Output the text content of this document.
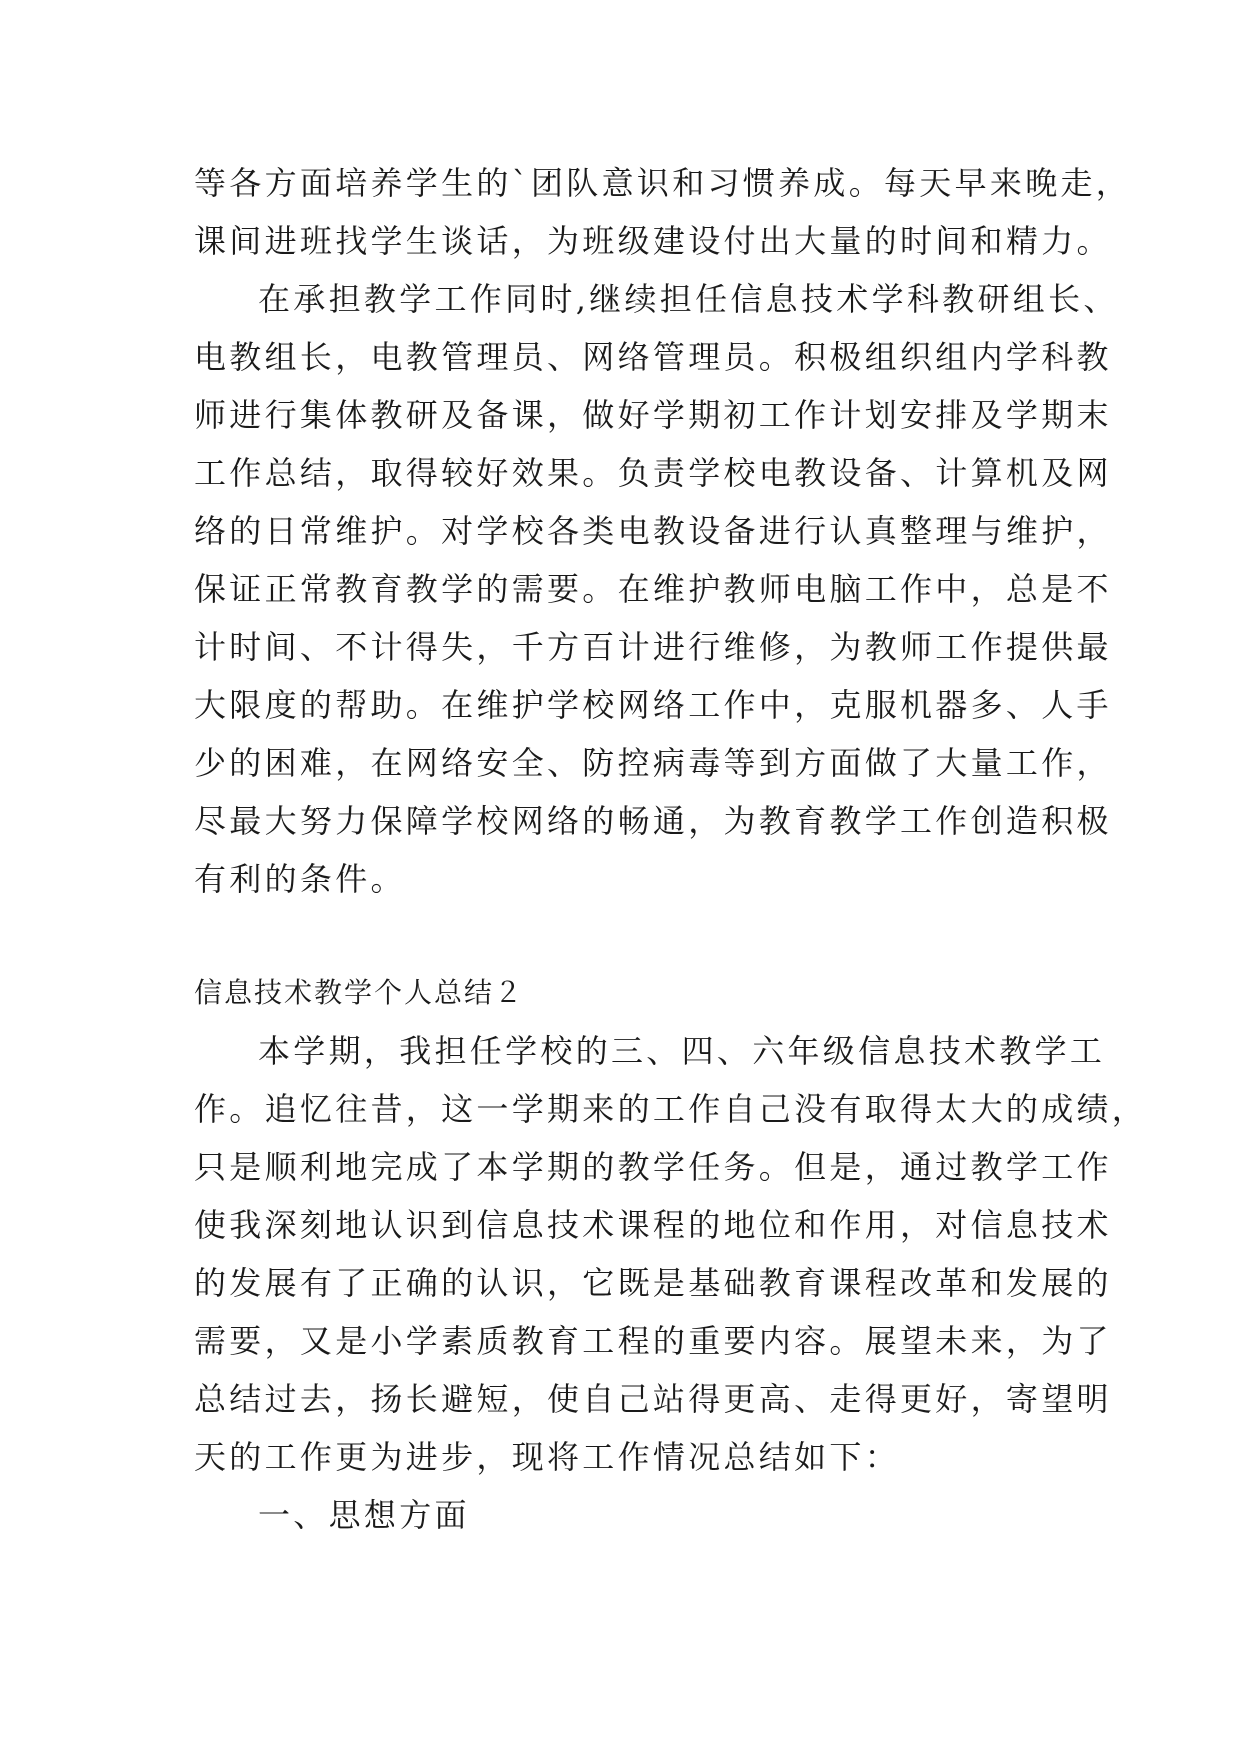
等各方面培养学生的`团队意识和习惯养成。每天早来晚走，
课间进班找学生谈话，为班级建设付出大量的时间和精力。
在承担教学工作同时,继续担任信息技术学科教研组长、
电教组长，电教管理员、网络管理员。积极组织组内学科教
师进行集体教研及备课，做好学期初工作计划安排及学期末
工作总结，取得较好效果。负责学校电教设备、计算机及网
络的日常维护。对学校各类电教设备进行认真整理与维护，
保证正常教育教学的需要。在维护教师电脑工作中，总是不
计时间、不计得失，千方百计进行维修，为教师工作提供最
大限度的帮助。在维护学校网络工作中，克服机器多、人手
少的困难，在网络安全、防控病毒等到方面做了大量工作，
尽最大努力保障学校网络的畅通，为教育教学工作创造积极
有利的条件。
信息技术教学个人总结２
本学期，我担任学校的三、四、六年级信息技术教学工
作。追忆往昔，这一学期来的工作自己没有取得太大的成绩，
只是顺利地完成了本学期的教学任务。但是，通过教学工作
使我深刻地认识到信息技术课程的地位和作用，对信息技术
的发展有了正确的认识，它既是基础教育课程改革和发展的
需要，又是小学素质教育工程的重要内容。展望未来，为了
总结过去，扬长避短，使自己站得更高、走得更好，寄望明
天的工作更为进步，现将工作情况总结如下：
一、思想方面
